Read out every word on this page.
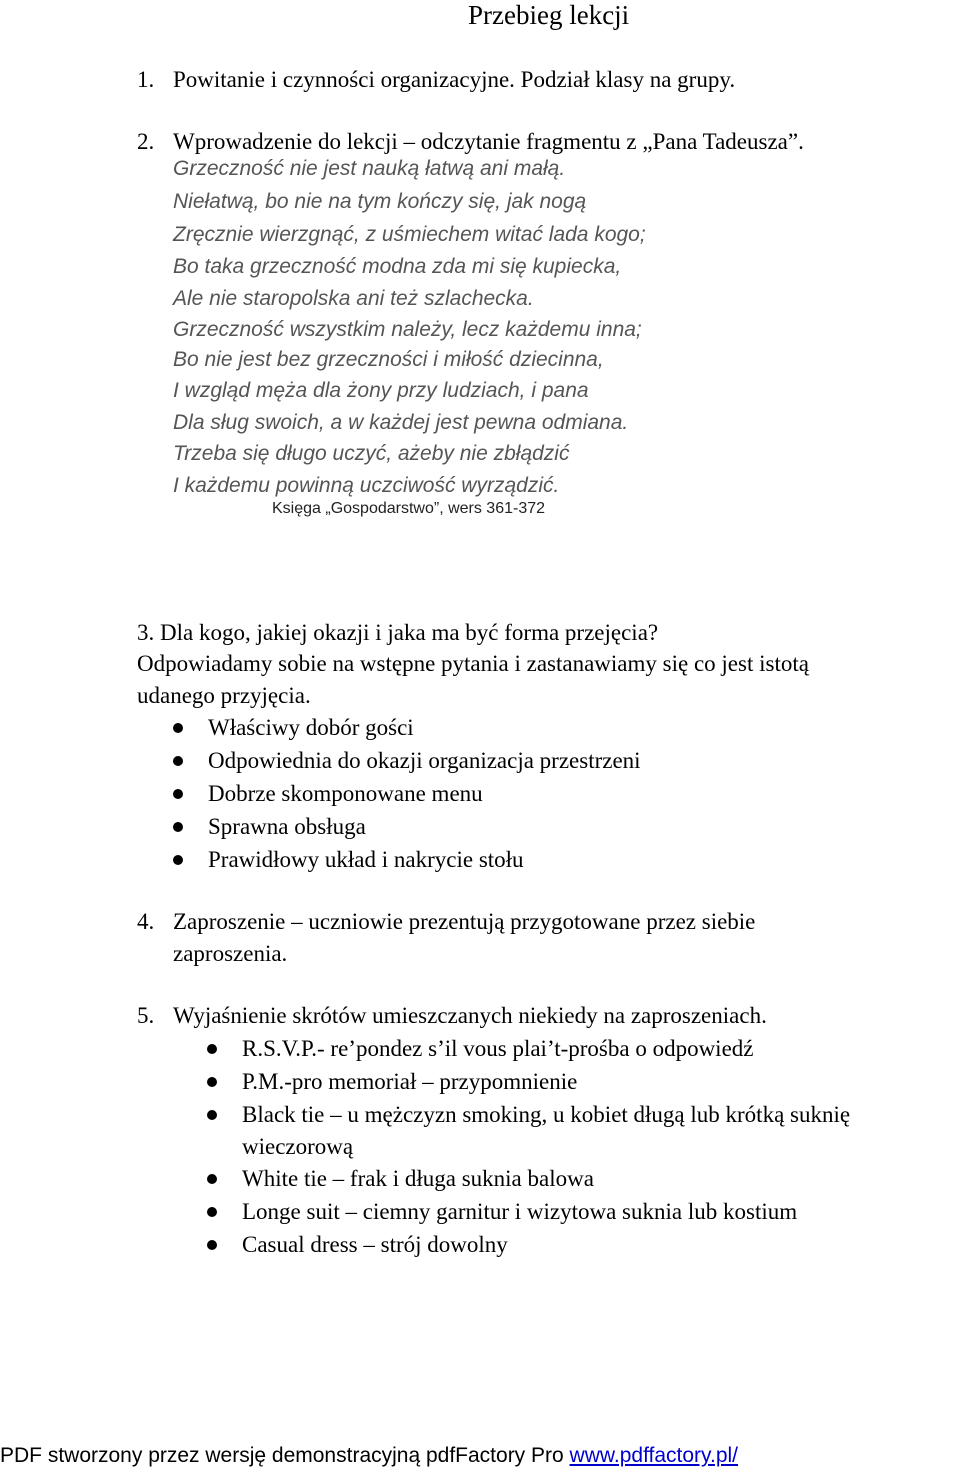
Przebieg lekcji
1. Powitanie i czynności organizacyjne. Podział klasy na grupy.
2. Wprowadzenie do lekcji – odczytanie fragmentu z „Pana Tadeusza”.
Grzeczność nie jest nauką łatwą ani małą.
Niełatwą, bo nie na tym kończy się, jak nogą
Zręcznie wierzgnąć, z uśmiechem witać lada kogo;
Bo taka grzeczność modna zda mi się kupiecka,
Ale nie staropolska ani też szlachecka.
Grzeczność wszystkim należy, lecz każdemu inna;
Bo nie jest bez grzeczności i miłość dziecinna,
I wzgląd męża dla żony przy ludziach, i pana
Dla sług swoich, a w każdej jest pewna odmiana.
Trzeba się długo uczyć, ażeby nie zbłądzić
I każdemu powinną uczciwość wyrządzić.
Księga „Gospodarstwo”, wers 361-372
3. Dla kogo, jakiej okazji i jaka ma być forma przejęcia?
Odpowiadamy sobie na wstępne pytania i zastanawiamy się co jest istotą
udanego przyjęcia.
Właściwy dobór gości
Odpowiednia do okazji organizacja przestrzeni
Dobrze skomponowane menu
Sprawna obsługa
Prawidłowy układ i nakrycie stołu
4. Zaproszenie – uczniowie prezentują przygotowane przez siebie
zaproszenia.
5. Wyjaśnienie skrótów umieszczanych niekiedy na zaproszeniach.
R.S.V.P.- re’pondez s’il vous plai’t-prośba o odpowiedź
P.M.-pro memoriał – przypomnienie
Black tie – u mężczyzn smoking, u kobiet długą lub krótką suknię
wieczorową
White tie – frak i długa suknia balowa
Longe suit – ciemny garnitur i wizytowa suknia lub kostium
Casual dress – strój dowolny
PDF stworzony przez wersję demonstracyjną pdfFactory Pro www.pdffactory.pl/
